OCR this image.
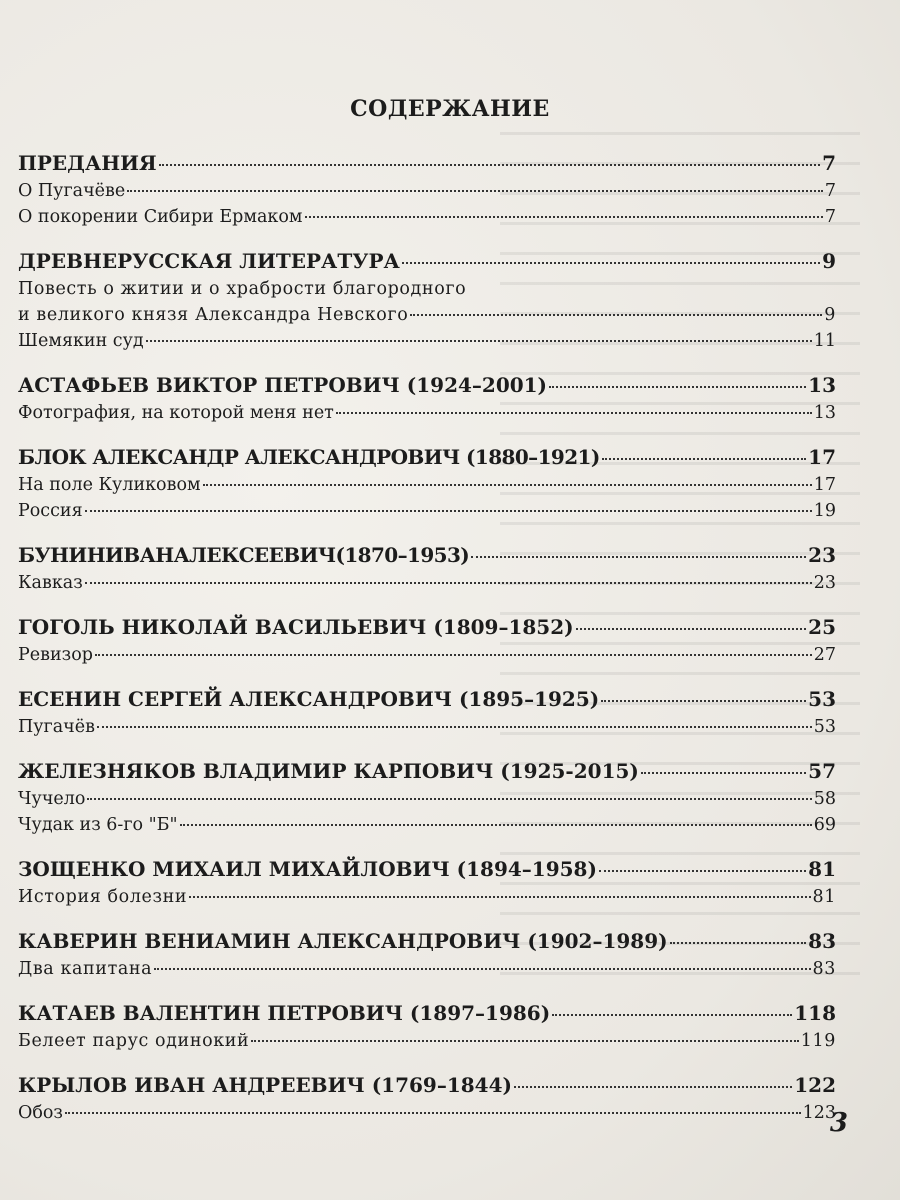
СОДЕРЖАНИЕ
ПРЕДАНИЯ	7
О Пугачёве	7
О покорении Сибири Ермаком	7
ДРЕВНЕРУССКАЯ ЛИТЕРАТУРА	9
Повесть о житии и о храбрости благородного
и великого князя Александра Невского	9
Шемякин суд	11
АСТАФЬЕВ ВИКТОР ПЕТРОВИЧ (1924–2001)	13
Фотография, на которой меня нет	13
БЛОК АЛЕКСАНДР АЛЕКСАНДРОВИЧ (1880–1921)	17
На поле Куликовом	17
Россия	19
БУНИНИВАНАЛЕКСЕЕВИЧ(1870–1953)	23
Кавказ	23
ГОГОЛЬ НИКОЛАЙ ВАСИЛЬЕВИЧ (1809–1852)	25
Ревизор	27
ЕСЕНИН СЕРГЕЙ АЛЕКСАНДРОВИЧ (1895–1925)	53
Пугачёв	53
ЖЕЛЕЗНЯКОВ ВЛАДИМИР КАРПОВИЧ (1925-2015)	57
Чучело	58
Чудак из 6-го "Б"	69
ЗОЩЕНКО МИХАИЛ МИХАЙЛОВИЧ (1894–1958)	81
История болезни	81
КАВЕРИН ВЕНИАМИН АЛЕКСАНДРОВИЧ (1902–1989)	83
Два капитана	83
КАТАЕВ ВАЛЕНТИН ПЕТРОВИЧ (1897–1986)	118
Белеет парус одинокий	119
КРЫЛОВ ИВАН АНДРЕЕВИЧ (1769–1844)	122
Обоз	123
3
